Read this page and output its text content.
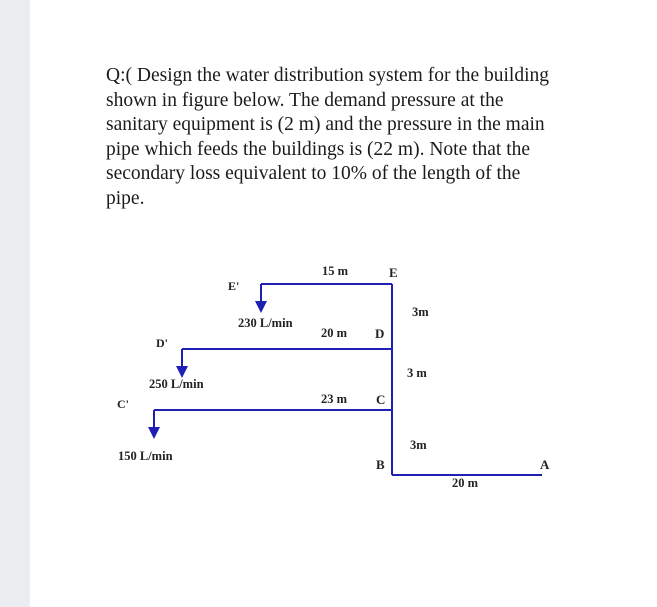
Q:( Design the water distribution system for the building
shown in figure below. The demand pressure at the
sanitary equipment is (2 m) and the pressure in the main
pipe which feeds the buildings is (22 m). Note that the
secondary loss equivalent to 10% of the length of the
pipe.
E
D
C
B	A
E'
D'
C'
15 m
20 m
23 m
20 m
3m
3 m
3m
230 L/min
250 L/min
150 L/min
